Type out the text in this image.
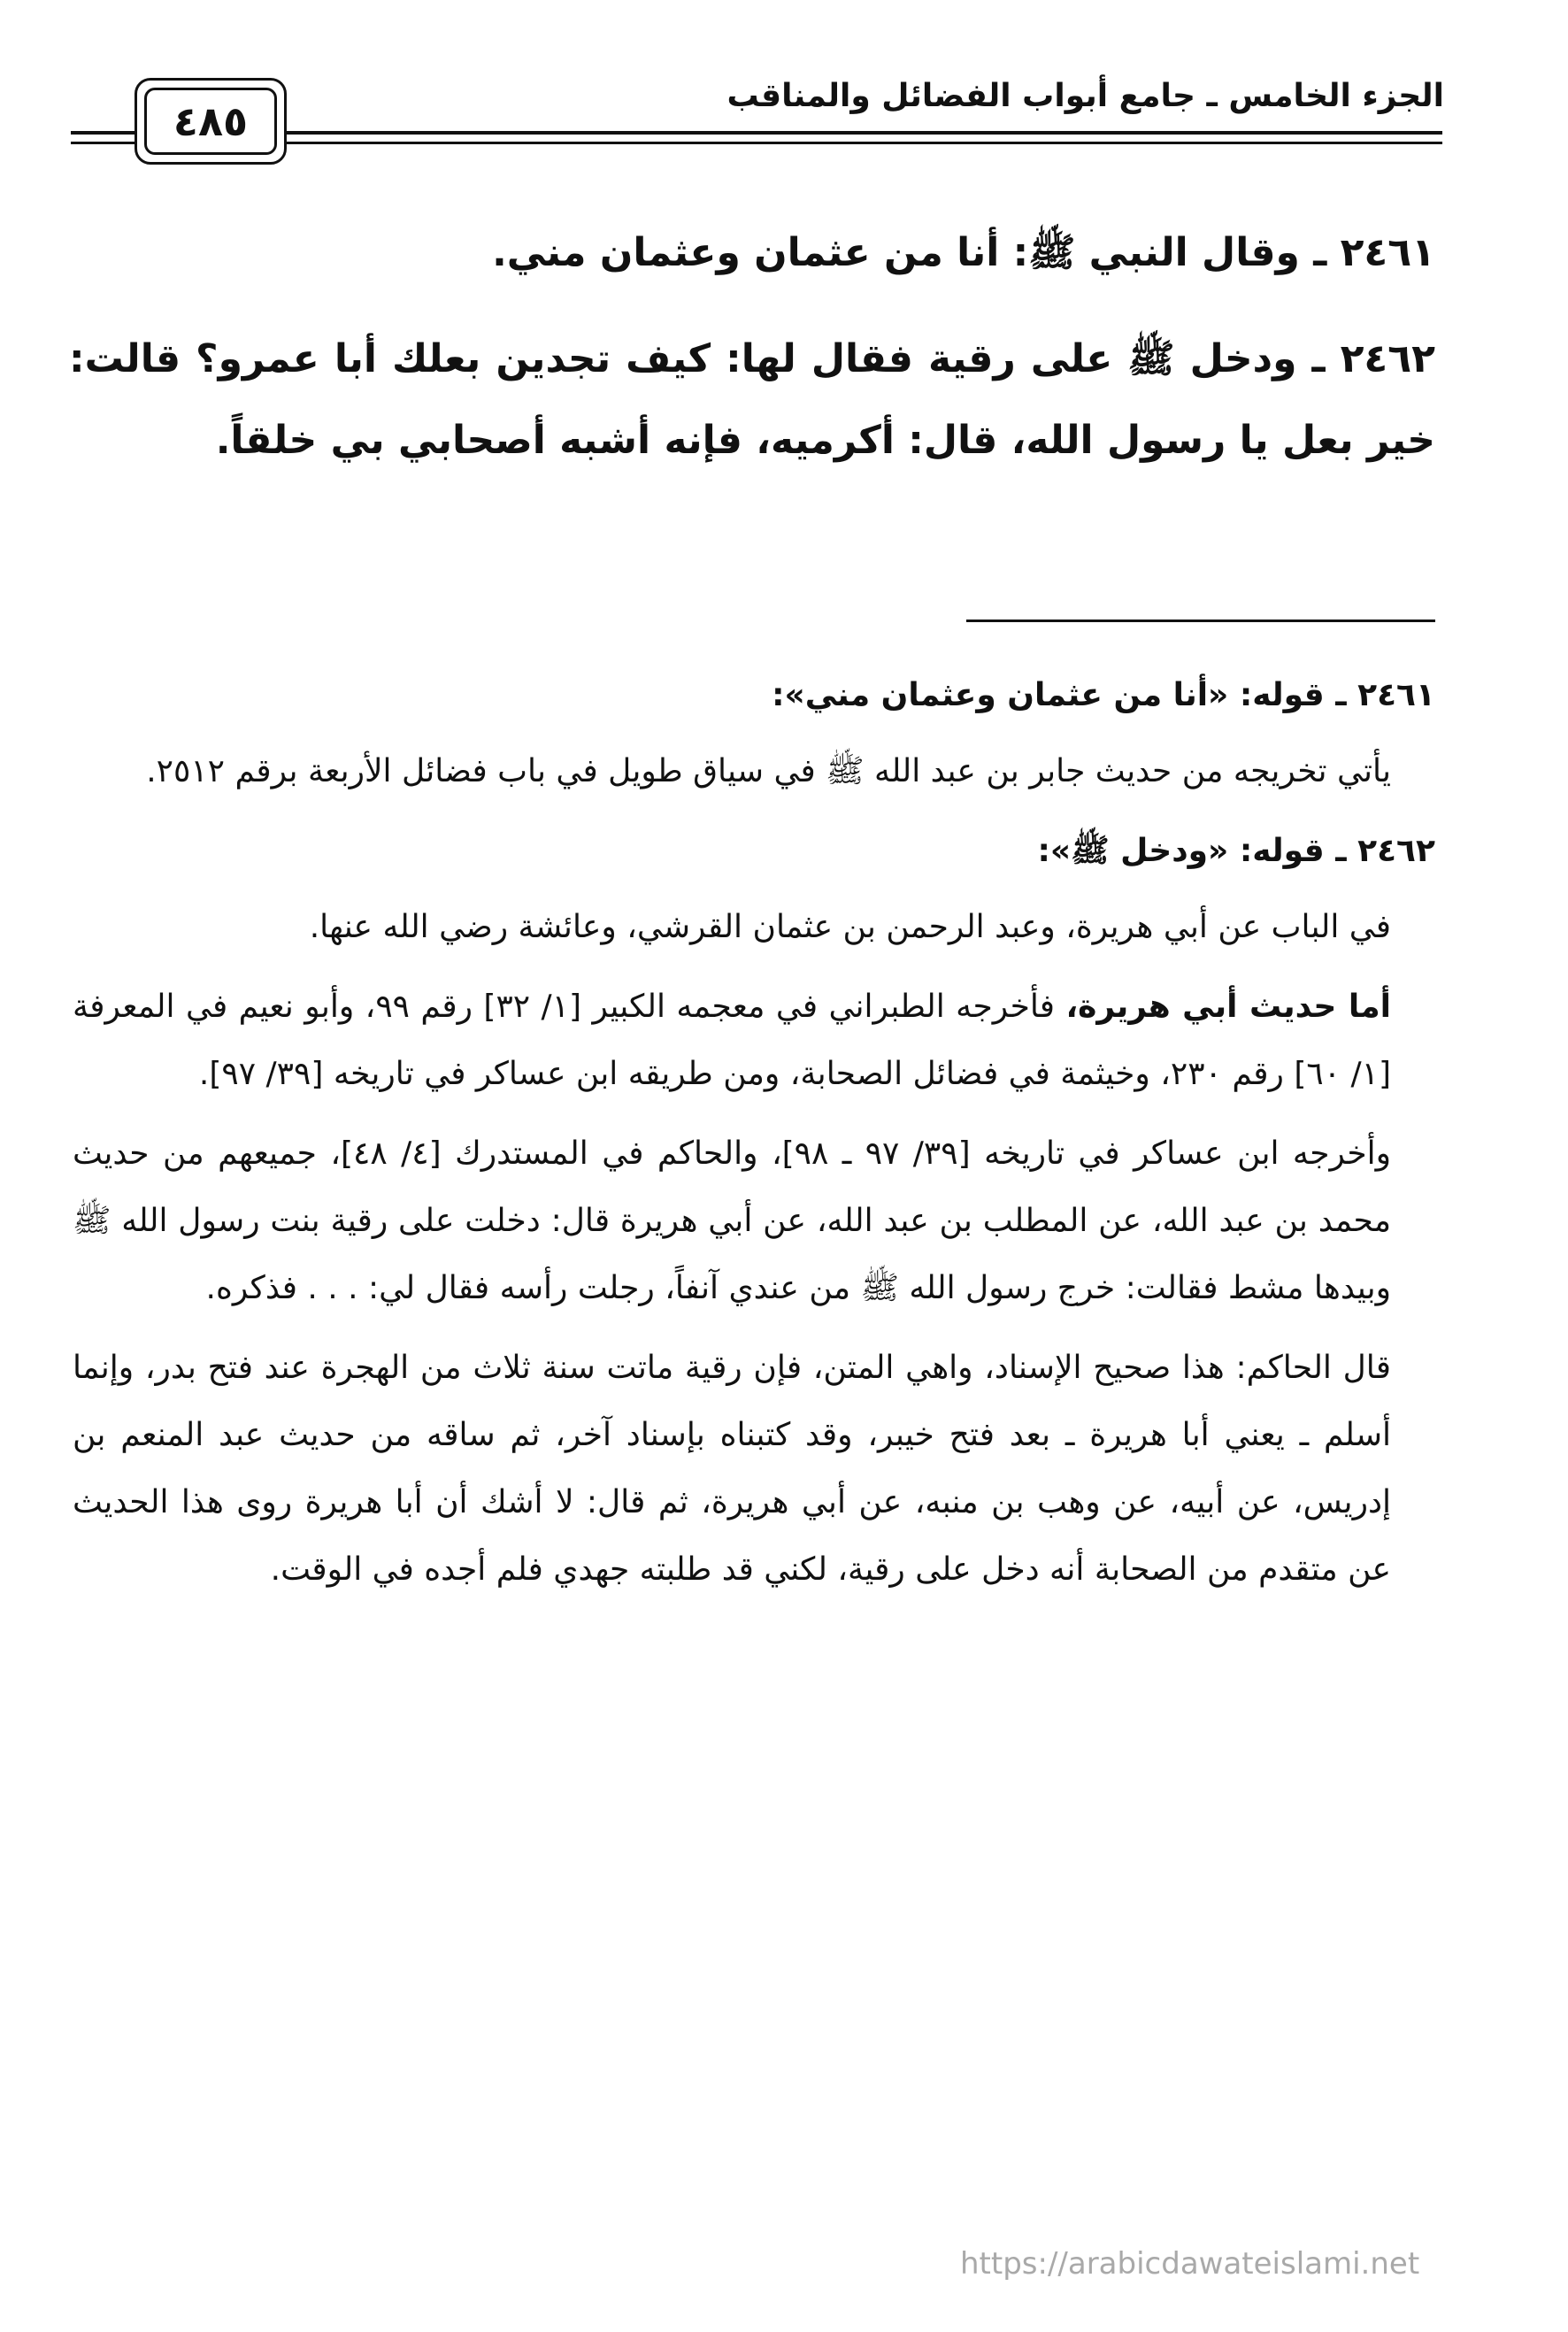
الجزء الخامس ـ جامع أبواب الفضائل والمناقب
٤٨٥

٢٤٦١ ـ وقال النبي ﷺ: أنا من عثمان وعثمان مني.

٢٤٦٢ ـ ودخل ﷺ على رقية فقال لها: كيف تجدين بعلك أبا عمرو؟ قالت: خير بعل يا رسول الله، قال: أكرميه، فإنه أشبه أصحابي بي خلقاً.

٢٤٦١ ـ قوله: «أنا من عثمان وعثمان مني»:

يأتي تخريجه من حديث جابر بن عبد الله ﷺ في سياق طويل في باب فضائل الأربعة برقم ٢٥١٢.

٢٤٦٢ ـ قوله: «ودخل ﷺ»:

في الباب عن أبي هريرة، وعبد الرحمن بن عثمان القرشي، وعائشة رضي الله عنها.

أما حديث أبي هريرة، فأخرجه الطبراني في معجمه الكبير [١/ ٣٢] رقم ٩٩، وأبو نعيم في المعرفة [١/ ٦٠] رقم ٢٣٠، وخيثمة في فضائل الصحابة، ومن طريقه ابن عساكر في تاريخه [٣٩/ ٩٧].

وأخرجه ابن عساكر في تاريخه [٣٩/ ٩٧ ـ ٩٨]، والحاكم في المستدرك [٤/ ٤٨]، جميعهم من حديث محمد بن عبد الله، عن المطلب بن عبد الله، عن أبي هريرة قال: دخلت على رقية بنت رسول الله ﷺ وبيدها مشط فقالت: خرج رسول الله ﷺ من عندي آنفاً، رجلت رأسه فقال لي: . . . فذكره.

قال الحاكم: هذا صحيح الإسناد، واهي المتن، فإن رقية ماتت سنة ثلاث من الهجرة عند فتح بدر، وإنما أسلم ـ يعني أبا هريرة ـ بعد فتح خيبر، وقد كتبناه بإسناد آخر، ثم ساقه من حديث عبد المنعم بن إدريس، عن أبيه، عن وهب بن منبه، عن أبي هريرة، ثم قال: لا أشك أن أبا هريرة روى هذا الحديث عن متقدم من الصحابة أنه دخل على رقية، لكني قد طلبته جهدي فلم أجده في الوقت.

https://arabicdawateislami.net
